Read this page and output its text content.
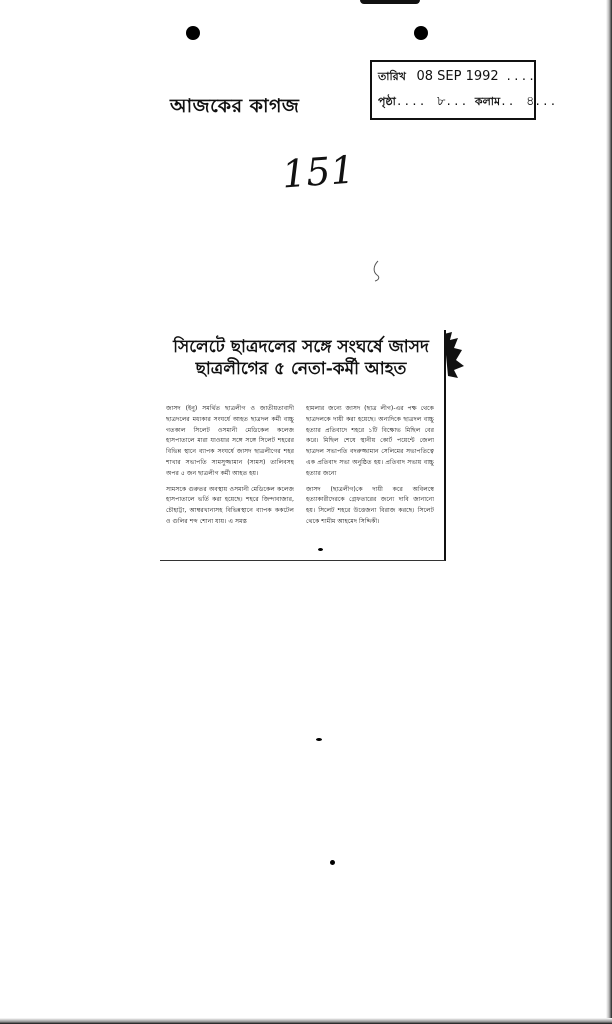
আজকের কাগজ
তারিখ 08 SEP 1992 ....
পৃষ্ঠা.... ৮... কলাম.. ৪...
151
সিলেটে ছাত্রদলের সঙ্গে সংঘর্ষে জাসদ
ছাত্রলীগের ৫ নেতা-কর্মী আহত

জাসদ (ইনু) সমর্থিত ছাত্রলীগ ও জাতীয়তাবাদী ছাত্রদলের মধ্যকার সংঘর্ষে আহত ছাত্রদল কর্মী বাচ্চু গতকাল সিলেট ওসমানী মেডিকেল কলেজ হাসপাতালে মারা যাওয়ার সঙ্গে সঙ্গে সিলেট শহরের বিভিন্ন স্থানে ব্যাপক সংঘর্ষে জাসদ ছাত্রলীগের শহর শাখার সভাপতি সামসুজ্জামান (সামস) তালিবসহ অপর ৫ জন ছাত্রলীগ কর্মী আহত হয়।

সামসকে গুরুতর অবস্থায় ওসমানী মেডিকেল কলেজ হাসপাতালে ভর্তি করা হয়েছে। শহরে জিন্দাবাজার, চৌহাট্টা, আম্বরখানাসহ বিভিন্নস্থানে ব্যাপক ককটেল ও গুলির শব্দ শোনা যায়। এ সমস্ত

হামলার জন্যে জাসদ (ছাত্র লীগ)-এর পক্ষ থেকে ছাত্রদলকে দায়ী করা হয়েছে। অন্যদিকে ছাত্রদল বাচ্চু হত্যার প্রতিবাদে শহরে ১টি বিক্ষোভ মিছিল বের করে। মিছিল শেষে স্থানীয় কোর্ট পয়েন্টে জেলা ছাত্রদল সভাপতি বদরুজ্জামান সেলিমের সভাপতিত্বে এক প্রতিবাদ সভা অনুষ্ঠিত হয়। প্রতিবাদ সভায় বাচ্চু হত্যার জন্যে

জাসদ (ছাত্রলীগ)কে দায়ী করে অবিলম্বে হত্যাকারীদেরকে গ্রেফতারের জন্যে দাবি জানানো হয়। সিলেট শহরে উত্তেজনা বিরাজ করছে। সিলেট থেকে শামীম আহমেদ সিদ্দিকী।
